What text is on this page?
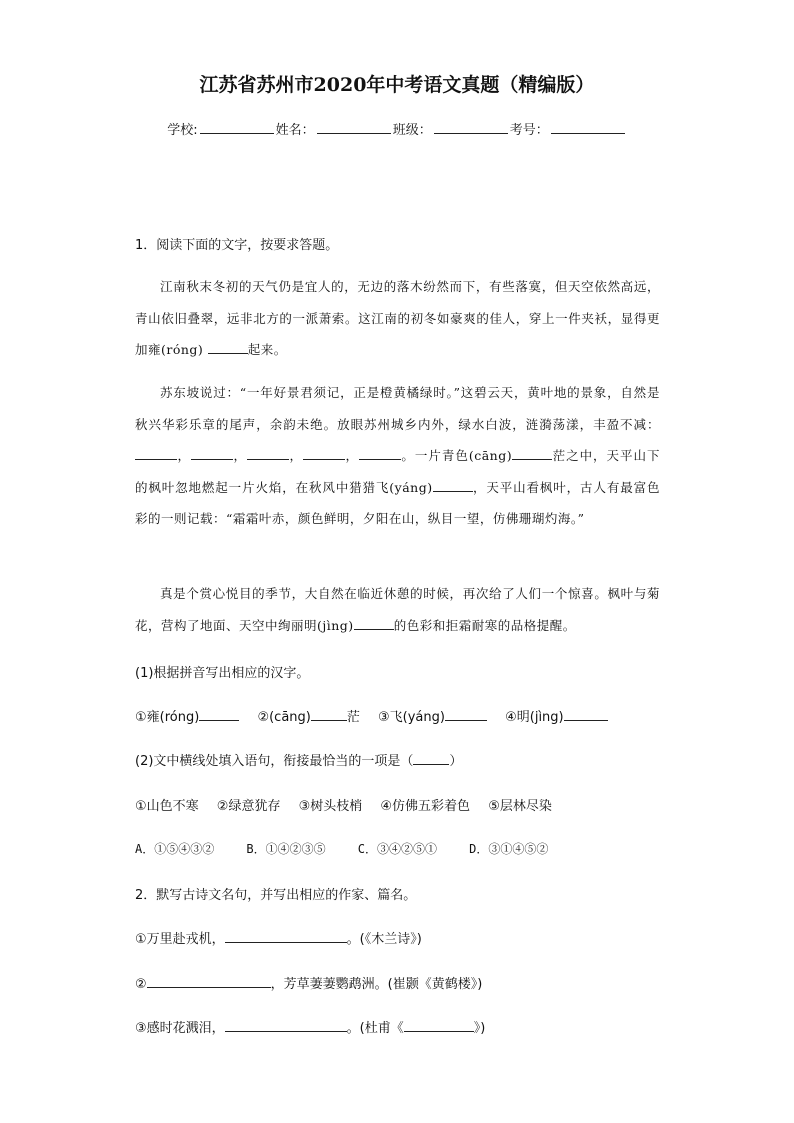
江苏省苏州市2020年中考语文真题（精编版）
学校:	姓名：	班级：	考号：
1．阅读下面的文字，按要求答题。
江南秋末冬初的天气仍是宜人的，无边的落木纷然而下，有些落寞，但天空依然高远，青山依旧叠翠，远非北方的一派萧索。这江南的初冬如豪爽的佳人，穿上一件夹袄，显得更加雍(róng)	起来。
苏东坡说过：“一年好景君须记，正是橙黄橘绿时。”这碧云天，黄叶地的景象，自然是秋兴华彩乐章的尾声，余韵未绝。放眼苏州城乡内外，绿水白波，涟漪荡漾，丰盈不减：，	，	，	，	。一片青色(cāng)	茫之中，天平山下的枫叶忽地燃起一片火焰，在秋风中猎猎飞(yáng)	，天平山看枫叶，古人有最富色彩的一则记载：“霜霜叶赤，颜色鲜明，夕阳在山，纵目一望，仿佛珊瑚灼海。”
真是个赏心悦目的季节，大自然在临近休憩的时候，再次给了人们一个惊喜。枫叶与菊花，营构了地面、天空中绚丽明(jìng)	的色彩和拒霜耐寒的品格提醒。
(1)根据拼音写出相应的汉字。
①雍(róng)	②(cāng)	茫 ③飞(yáng)	④明(jìng)
(2)文中横线处填入语句，衔接最恰当的一项是（	）
①山色不寒 ②绿意犹存 ③树头枝梢 ④仿佛五彩着色 ⑤层林尽染
A．①⑤④③②	B．①④②③⑤	C．③④②⑤①	D．③①④⑤②
2．默写古诗文名句，并写出相应的作家、篇名。
①万里赴戎机，	。(《木兰诗》)
②	，芳草萋萋鹦鹉洲。(崔颢《黄鹤楼》)
③感时花溅泪，	。(杜甫《	》)
